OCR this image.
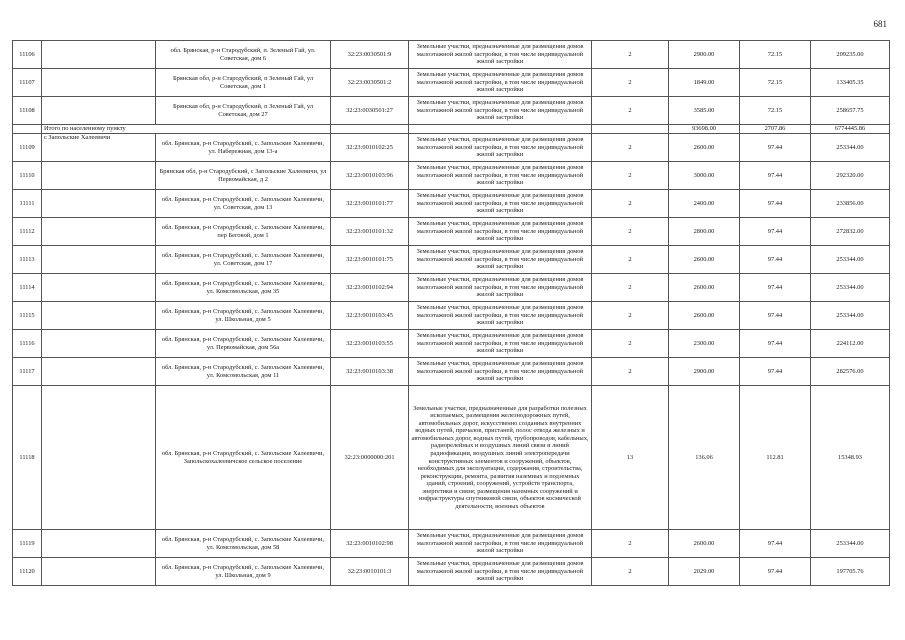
681
11106		обл. Брянская, р-н Стародубский, п. Зеленый Гай, ул. Советская, дом 6	32:23:0030501:9	Земельные участки, предназначенные для размещения домов малоэтажной жилой застройки, в том числе индивидуальной жилой застройки	2	2900.00	72.15	209235.00
11107		Брянская обл, р-н Стародубский, п Зеленый Гай, ул Советская, дом 1	32:23:0030501:2	Земельные участки, предназначенные для размещения домов малоэтажной жилой застройки, в том числе индивидуальной жилой застройки	2	1849.00	72.15	133405.35
11108		Брянская обл, р-н Стародубский, п Зеленый Гай, ул Советская, дом 27	32:23:0030501:27	Земельные участки, предназначенные для размещения домов малоэтажной жилой застройки, в том числе индивидуальной жилой застройки	2	3585.00	72.15	258657.75
	Итого по населенному пункту					93698.00	2707.86	6774445.86
11109	с Запольские Халеевичи	обл. Брянская, р-н Стародубский, с. Запольские Халеевичи, ул. Набережная, дом 13-а	32:23:0010102:25	Земельные участки, предназначенные для размещения домов малоэтажной жилой застройки, в том числе индивидуальной жилой застройки	2	2600.00	97.44	253344.00
11110		Брянская обл, р-н Стародубский, с Запольские Халеевичи, ул Первомайская, д 2	32:23:0010103:96	Земельные участки, предназначенные для размещения домов малоэтажной жилой застройки, в том числе индивидуальной жилой застройки	2	3000.00	97.44	292320.00
11111		обл. Брянская, р-н Стародубский, с. Запольские Халеевичи, ул. Советская, дом 13	32:23:0010101:77	Земельные участки, предназначенные для размещения домов малоэтажной жилой застройки, в том числе индивидуальной жилой застройки	2	2400.00	97.44	233856.00
11112		обл. Брянская, р-н Стародубский, с. Запольские Халеевичи, пер Беговой, дом 1	32:23:0010101:32	Земельные участки, предназначенные для размещения домов малоэтажной жилой застройки, в том числе индивидуальной жилой застройки	2	2800.00	97.44	272832.00
11113		обл. Брянская, р-н Стародубский, с. Запольские Халеевичи, ул. Советская, дом 17	32:23:0010101:75	Земельные участки, предназначенные для размещения домов малоэтажной жилой застройки, в том числе индивидуальной жилой застройки	2	2600.00	97.44	253344.00
11114		обл. Брянская, р-н Стародубский, с. Запольские Халеевичи, ул. Комсомольская, дом 35	32:23:0010102:94	Земельные участки, предназначенные для размещения домов малоэтажной жилой застройки, в том числе индивидуальной жилой застройки	2	2600.00	97.44	253344.00
11115		обл. Брянская, р-н Стародубский, с. Запольские Халеевичи, ул. Школьная, дом 5	32:23:0010103:45	Земельные участки, предназначенные для размещения домов малоэтажной жилой застройки, в том числе индивидуальной жилой застройки	2	2600.00	97.44	253344.00
11116		обл. Брянская, р-н Стародубский, с. Запольские Халеевичи, ул. Первомайская, дом 56а	32:23:0010103:55	Земельные участки, предназначенные для размещения домов малоэтажной жилой застройки, в том числе индивидуальной жилой застройки	2	2300.00	97.44	224112.00
11117		обл. Брянская, р-н Стародубский, с. Запольские Халеевичи, ул. Комсомольская, дом 11	32:23:0010103:38	Земельные участки, предназначенные для размещения домов малоэтажной жилой застройки, в том числе индивидуальной жилой застройки	2	2900.00	97.44	282576.00
11118		обл. Брянская, р-н Стародубский, с. Запольские Халеевичи, Запольскохалеевичское сельское поселение	32:23:0000000:201	Земельные участки, предназначенные для разработки полезных ископаемых, размещения железнодорожных путей, автомобильных дорог, искусственно созданных внутренних водных путей, причалов, пристаней, полос отвода железных и автомобильных дорог, водных путей, трубопроводов, кабельных, радиорелейных и воздушных линий связи и линий радиофикации, воздушных линий электропередачи конструктивных элементов и сооружений, объектов, необходимых для эксплуатации, содержания, строительства, реконструкции, ремонта, развития наземных и подземных зданий, строений, сооружений, устройств транспорта, энергетики и связи; размещения наземных сооружений и инфраструктуры спутниковой связи, объектов космической деятельности, военных объектов	13	136.06	112.81	15348.93
11119		обл. Брянская, р-н Стародубский, с. Запольские Халеевичи, ул. Комсомольская, дом 58	32:23:0010102:98	Земельные участки, предназначенные для размещения домов малоэтажной жилой застройки, в том числе индивидуальной жилой застройки	2	2600.00	97.44	253344.00
11120		обл. Брянская, р-н Стародубский, с. Запольские Халеевичи, ул. Школьная, дом 9	32:23:0010101:3	Земельные участки, предназначенные для размещения домов малоэтажной жилой застройки, в том числе индивидуальной жилой застройки	2	2029.00	97.44	197705.76
